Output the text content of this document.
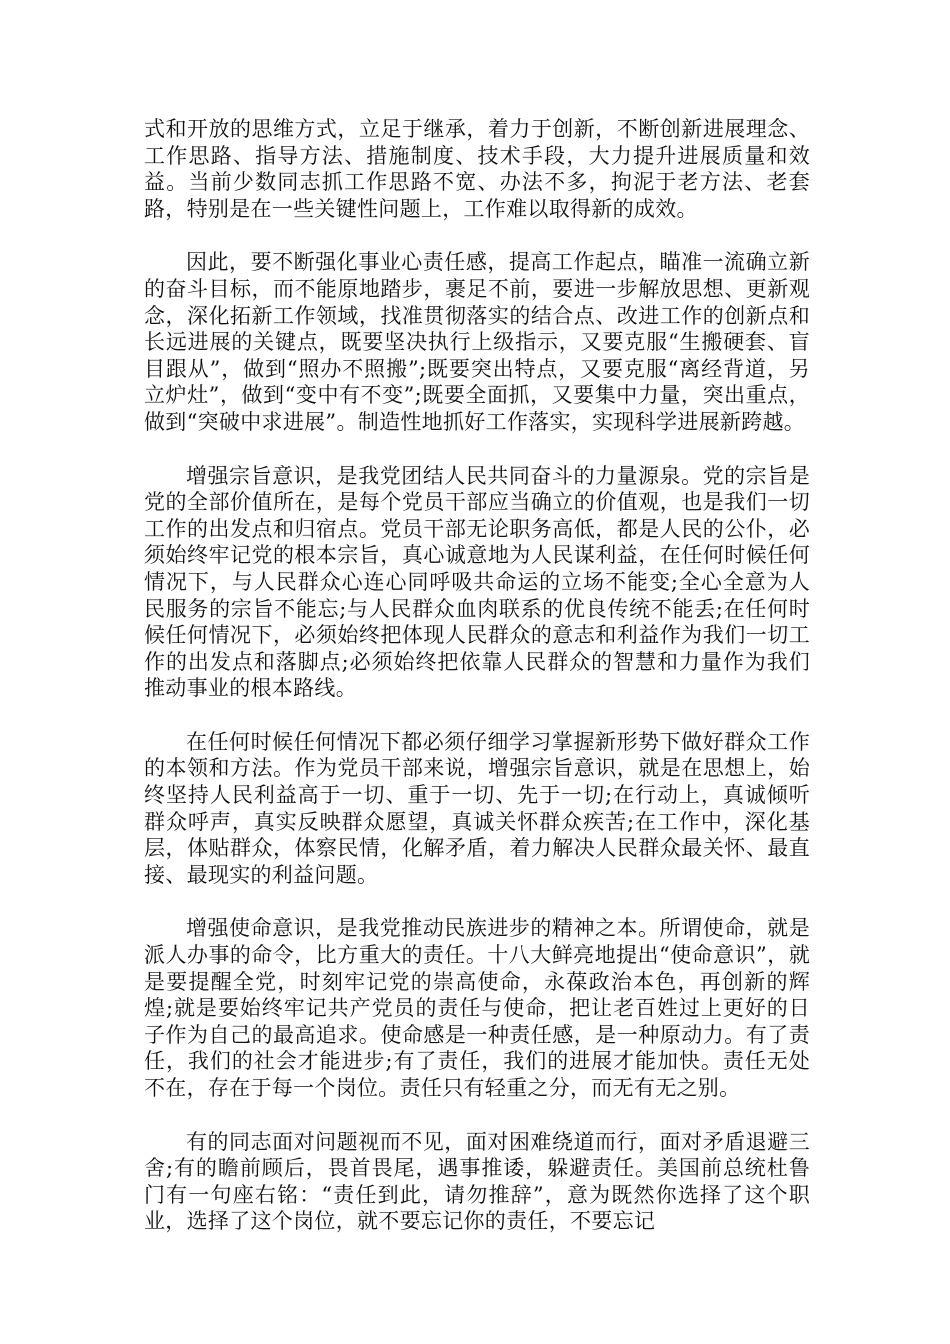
式和开放的思维方式，立足于继承，着力于创新，不断创新进展理念、工作思路、指导方法、措施制度、技术手段，大力提升进展质量和效益。当前少数同志抓工作思路不宽、办法不多，拘泥于老方法、老套路，特别是在一些关键性问题上，工作难以取得新的成效。

因此，要不断强化事业心责任感，提高工作起点，瞄准一流确立新的奋斗目标，而不能原地踏步，裹足不前，要进一步解放思想、更新观念，深化拓新工作领域，找准贯彻落实的结合点、改进工作的创新点和长远进展的关键点，既要坚决执行上级指示，又要克服“生搬硬套、盲目跟从”，做到“照办不照搬”;既要突出特点，又要克服“离经背道，另立炉灶”，做到“变中有不变”;既要全面抓，又要集中力量，突出重点，做到“突破中求进展”。制造性地抓好工作落实，实现科学进展新跨越。

增强宗旨意识，是我党团结人民共同奋斗的力量源泉。党的宗旨是党的全部价值所在，是每个党员干部应当确立的价值观，也是我们一切工作的出发点和归宿点。党员干部无论职务高低，都是人民的公仆，必须始终牢记党的根本宗旨，真心诚意地为人民谋利益，在任何时候任何情况下，与人民群众心连心同呼吸共命运的立场不能变;全心全意为人民服务的宗旨不能忘;与人民群众血肉联系的优良传统不能丢;在任何时候任何情况下，必须始终把体现人民群众的意志和利益作为我们一切工作的出发点和落脚点;必须始终把依靠人民群众的智慧和力量作为我们推动事业的根本路线。

在任何时候任何情况下都必须仔细学习掌握新形势下做好群众工作的本领和方法。作为党员干部来说，增强宗旨意识，就是在思想上，始终坚持人民利益高于一切、重于一切、先于一切;在行动上，真诚倾听群众呼声，真实反映群众愿望，真诚关怀群众疾苦;在工作中，深化基层，体贴群众，体察民情，化解矛盾，着力解决人民群众最关怀、最直接、最现实的利益问题。

增强使命意识，是我党推动民族进步的精神之本。所谓使命，就是派人办事的命令，比方重大的责任。十八大鲜亮地提出“使命意识”，就是要提醒全党，时刻牢记党的崇高使命，永葆政治本色，再创新的辉煌;就是要始终牢记共产党员的责任与使命，把让老百姓过上更好的日子作为自己的最高追求。使命感是一种责任感，是一种原动力。有了责任，我们的社会才能进步;有了责任，我们的进展才能加快。责任无处不在，存在于每一个岗位。责任只有轻重之分，而无有无之别。

有的同志面对问题视而不见，面对困难绕道而行，面对矛盾退避三舍;有的瞻前顾后，畏首畏尾，遇事推诿，躲避责任。美国前总统杜鲁门有一句座右铭：“责任到此，请勿推辞”，意为既然你选择了这个职业，选择了这个岗位，就不要忘记你的责任，不要忘记
